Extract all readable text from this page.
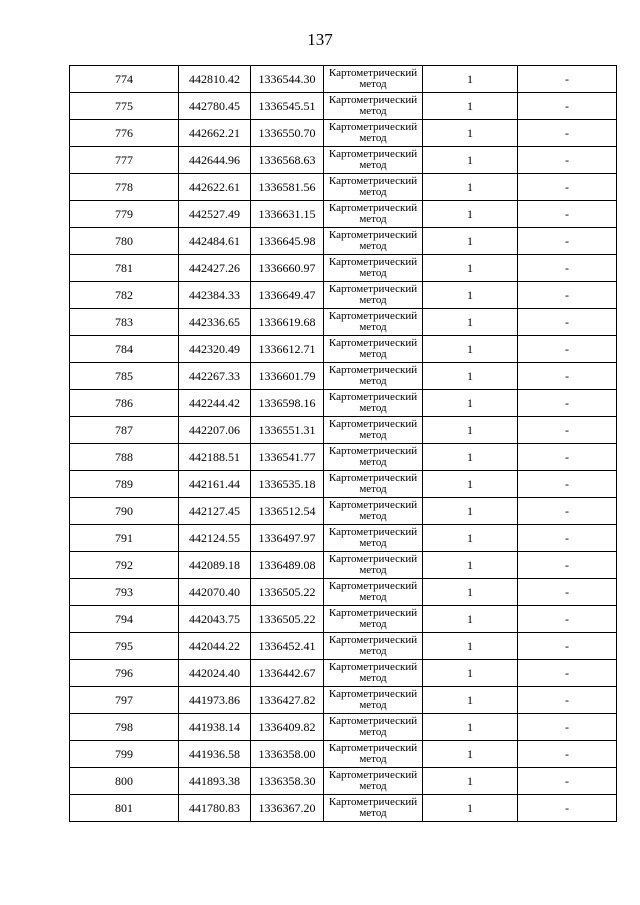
137
774	442810.42	1336544.30	Картометрический метод	1	-
775	442780.45	1336545.51	Картометрический метод	1	-
776	442662.21	1336550.70	Картометрический метод	1	-
777	442644.96	1336568.63	Картометрический метод	1	-
778	442622.61	1336581.56	Картометрический метод	1	-
779	442527.49	1336631.15	Картометрический метод	1	-
780	442484.61	1336645.98	Картометрический метод	1	-
781	442427.26	1336660.97	Картометрический метод	1	-
782	442384.33	1336649.47	Картометрический метод	1	-
783	442336.65	1336619.68	Картометрический метод	1	-
784	442320.49	1336612.71	Картометрический метод	1	-
785	442267.33	1336601.79	Картометрический метод	1	-
786	442244.42	1336598.16	Картометрический метод	1	-
787	442207.06	1336551.31	Картометрический метод	1	-
788	442188.51	1336541.77	Картометрический метод	1	-
789	442161.44	1336535.18	Картометрический метод	1	-
790	442127.45	1336512.54	Картометрический метод	1	-
791	442124.55	1336497.97	Картометрический метод	1	-
792	442089.18	1336489.08	Картометрический метод	1	-
793	442070.40	1336505.22	Картометрический метод	1	-
794	442043.75	1336505.22	Картометрический метод	1	-
795	442044.22	1336452.41	Картометрический метод	1	-
796	442024.40	1336442.67	Картометрический метод	1	-
797	441973.86	1336427.82	Картометрический метод	1	-
798	441938.14	1336409.82	Картометрический метод	1	-
799	441936.58	1336358.00	Картометрический метод	1	-
800	441893.38	1336358.30	Картометрический метод	1	-
801	441780.83	1336367.20	Картометрический метод	1	-
